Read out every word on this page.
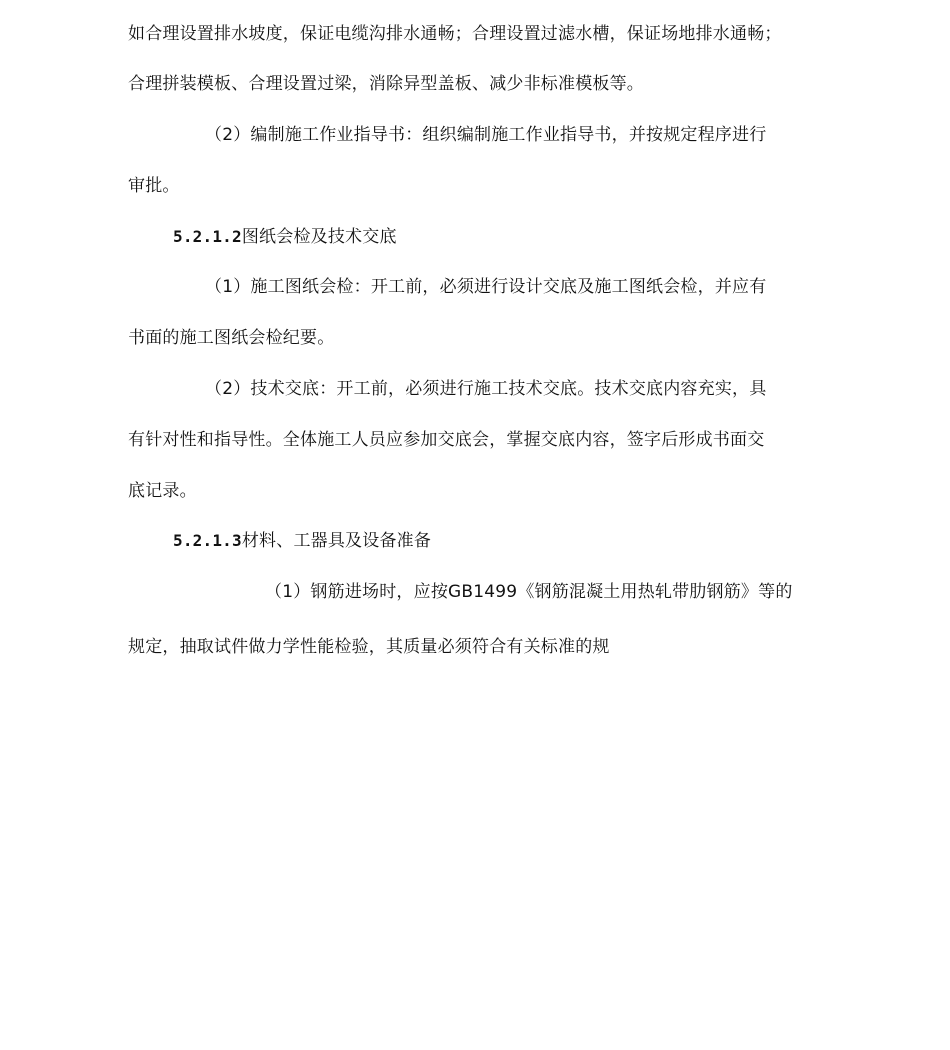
如合理设置排水坡度，保证电缆沟排水通畅；合理设置过滤水槽，保证场地排水通畅；
合理拼装模板、合理设置过梁，消除异型盖板、减少非标准模板等。
（2）编制施工作业指导书：组织编制施工作业指导书，并按规定程序进行
审批。
5.2.1.2图纸会检及技术交底
（1）施工图纸会检：开工前，必须进行设计交底及施工图纸会检，并应有
书面的施工图纸会检纪要。
（2）技术交底：开工前，必须进行施工技术交底。技术交底内容充实，具
有针对性和指导性。全体施工人员应参加交底会，掌握交底内容，签字后形成书面交
底记录。
5.2.1.3材料、工器具及设备准备
（1）钢筋进场时，应按GB1499《钢筋混凝土用热轧带肋钢筋》等的
规定，抽取试件做力学性能检验，其质量必须符合有关标准的规
